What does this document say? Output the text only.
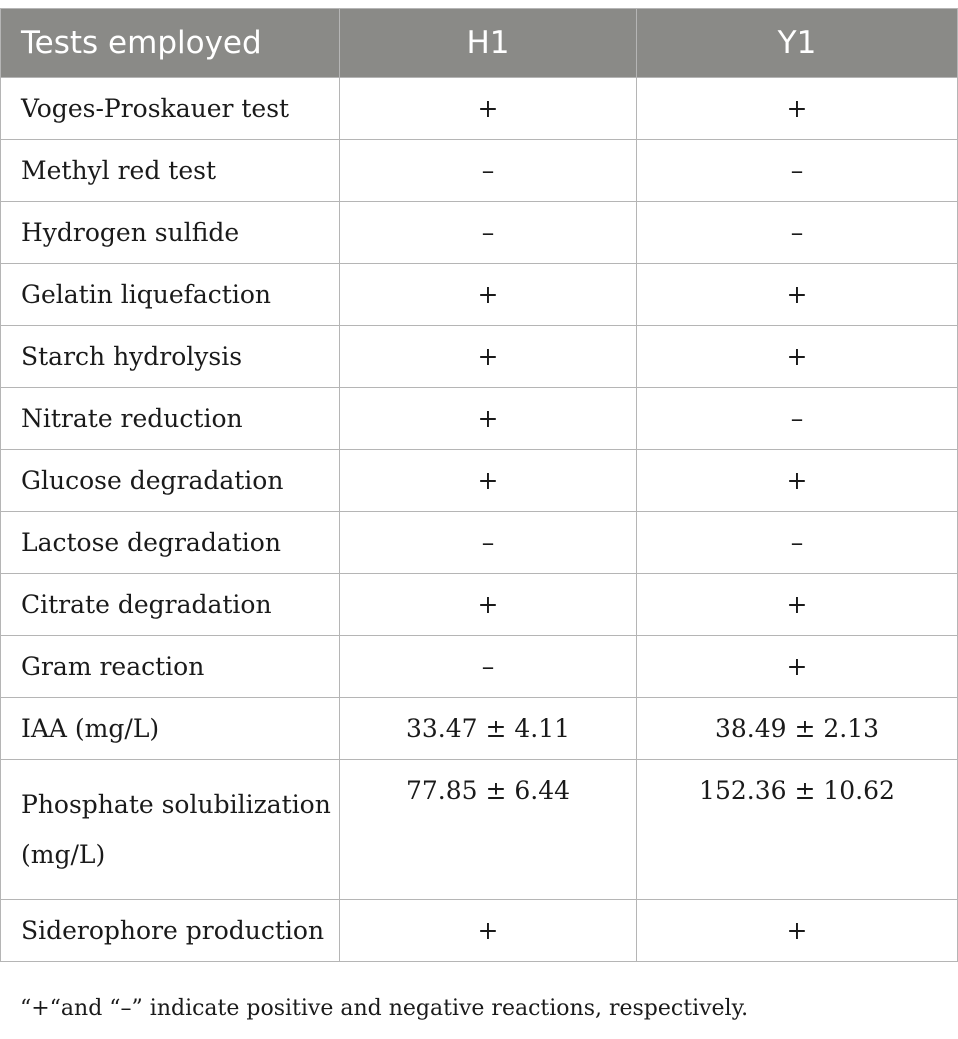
Tests employed	H1	Y1
Voges-Proskauer test	+	+
Methyl red test	–	–
Hydrogen sulfide	–	–
Gelatin liquefaction	+	+
Starch hydrolysis	+	+
Nitrate reduction	+	–
Glucose degradation	+	+
Lactose degradation	–	–
Citrate degradation	+	+
Gram reaction	–	+
IAA (mg/L)	33.47 ± 4.11	38.49 ± 2.13
Phosphate solubilization (mg/L)	77.85 ± 6.44	152.36 ± 10.62
Siderophore production	+	+

“+“and “–” indicate positive and negative reactions, respectively.
